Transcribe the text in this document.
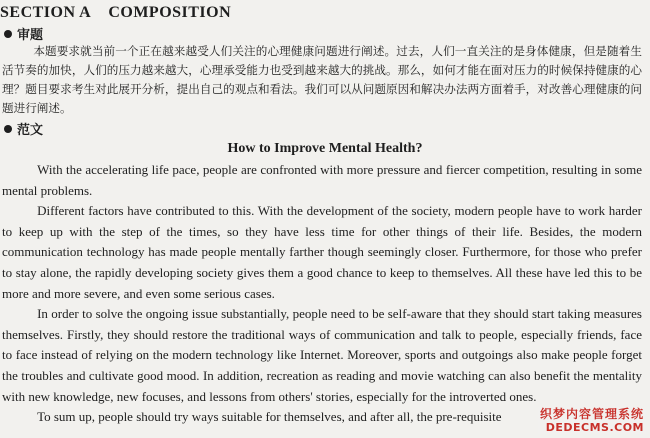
SECTION A    COMPOSITION
审题

本题要求就当前一个正在越来越受人们关注的心理健康问题进行阐述。过去，人们一直关注的是身体健康，但是随着生活节奏的加快，人们的压力越来越大，心理承受能力也受到越来越大的挑战。那么，如何才能在面对压力的时候保持健康的心理？题目要求考生对此展开分析，提出自己的观点和看法。我们可以从问题原因和解决办法两方面着手，对改善心理健康的问题进行阐述。

范文
How to Improve Mental Health?

With the accelerating life pace, people are confronted with more pressure and fiercer competition, resulting in some mental problems.

Different factors have contributed to this. With the development of the society, modern people have to work harder to keep up with the step of the times, so they have less time for other things of their life. Besides, the modern communication technology has made people mentally farther though seemingly closer. Furthermore, for those who prefer to stay alone, the rapidly developing society gives them a good chance to keep to themselves. All these have led this to be more and more severe, and even some serious cases.

In order to solve the ongoing issue substantially, people need to be self-aware that they should start taking measures themselves. Firstly, they should restore the traditional ways of communication and talk to people, especially friends, face to face instead of relying on the modern technology like Internet. Moreover, sports and outgoings also make people forget the troubles and cultivate good mood. In addition, recreation as reading and movie watching can also benefit the mentality with new knowledge, new focuses, and lessons from others' stories, especially for the introverted ones.

To sum up, people should try ways suitable for themselves, and after all, the pre-requisite	织梦内容管理系统
DEDECMS.COM
